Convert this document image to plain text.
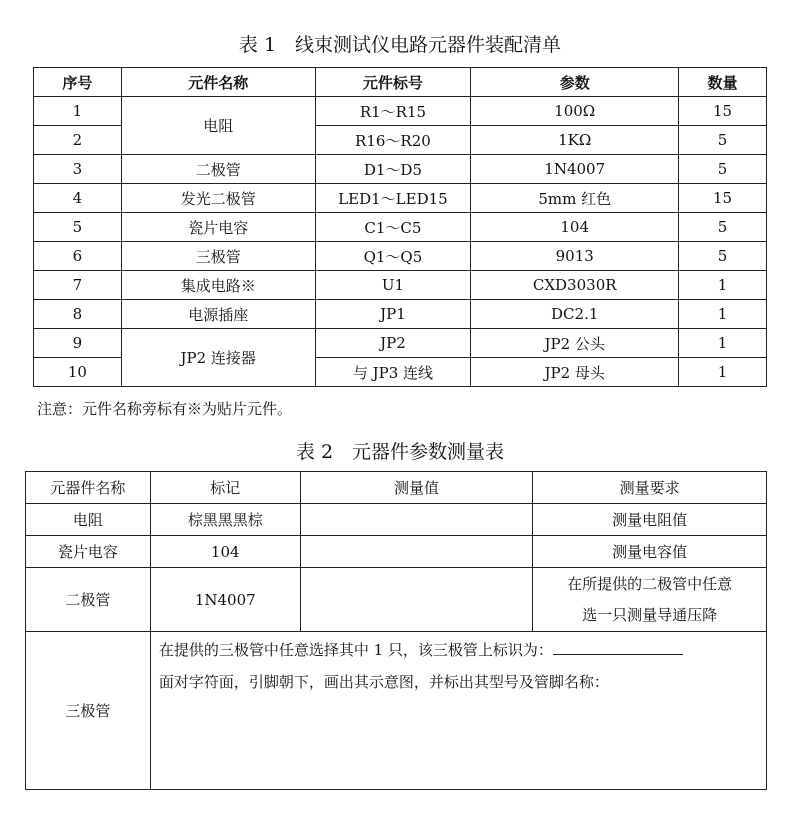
表 1　线束测试仪电路元器件装配清单
序号	元件名称	元件标号	参数	数量
1	电阻	R1～R15	100Ω	15
2		R16～R20	1KΩ	5
3	二极管	D1～D5	1N4007	5
4	发光二极管	LED1～LED15	5mm 红色	15
5	瓷片电容	C1～C5	104	5
6	三极管	Q1～Q5	9013	5
7	集成电路※	U1	CXD3030R	1
8	电源插座	JP1	DC2.1	1
9	JP2 连接器	JP2	JP2 公头	1
10		与 JP3 连线	JP2 母头	1
注意：元件名称旁标有※为贴片元件。
表 2　元器件参数测量表
元器件名称	标记	测量值	测量要求
电阻	棕黑黑黑棕		测量电阻值
瓷片电容	104		测量电容值
二极管	1N4007		在所提供的二极管中任意
选一只测量导通压降

三极管	在提供的三极管中任意选择其中 1 只，该三极管上标识为：
面对字符面，引脚朝下，画出其示意图，并标出其型号及管脚名称：		
